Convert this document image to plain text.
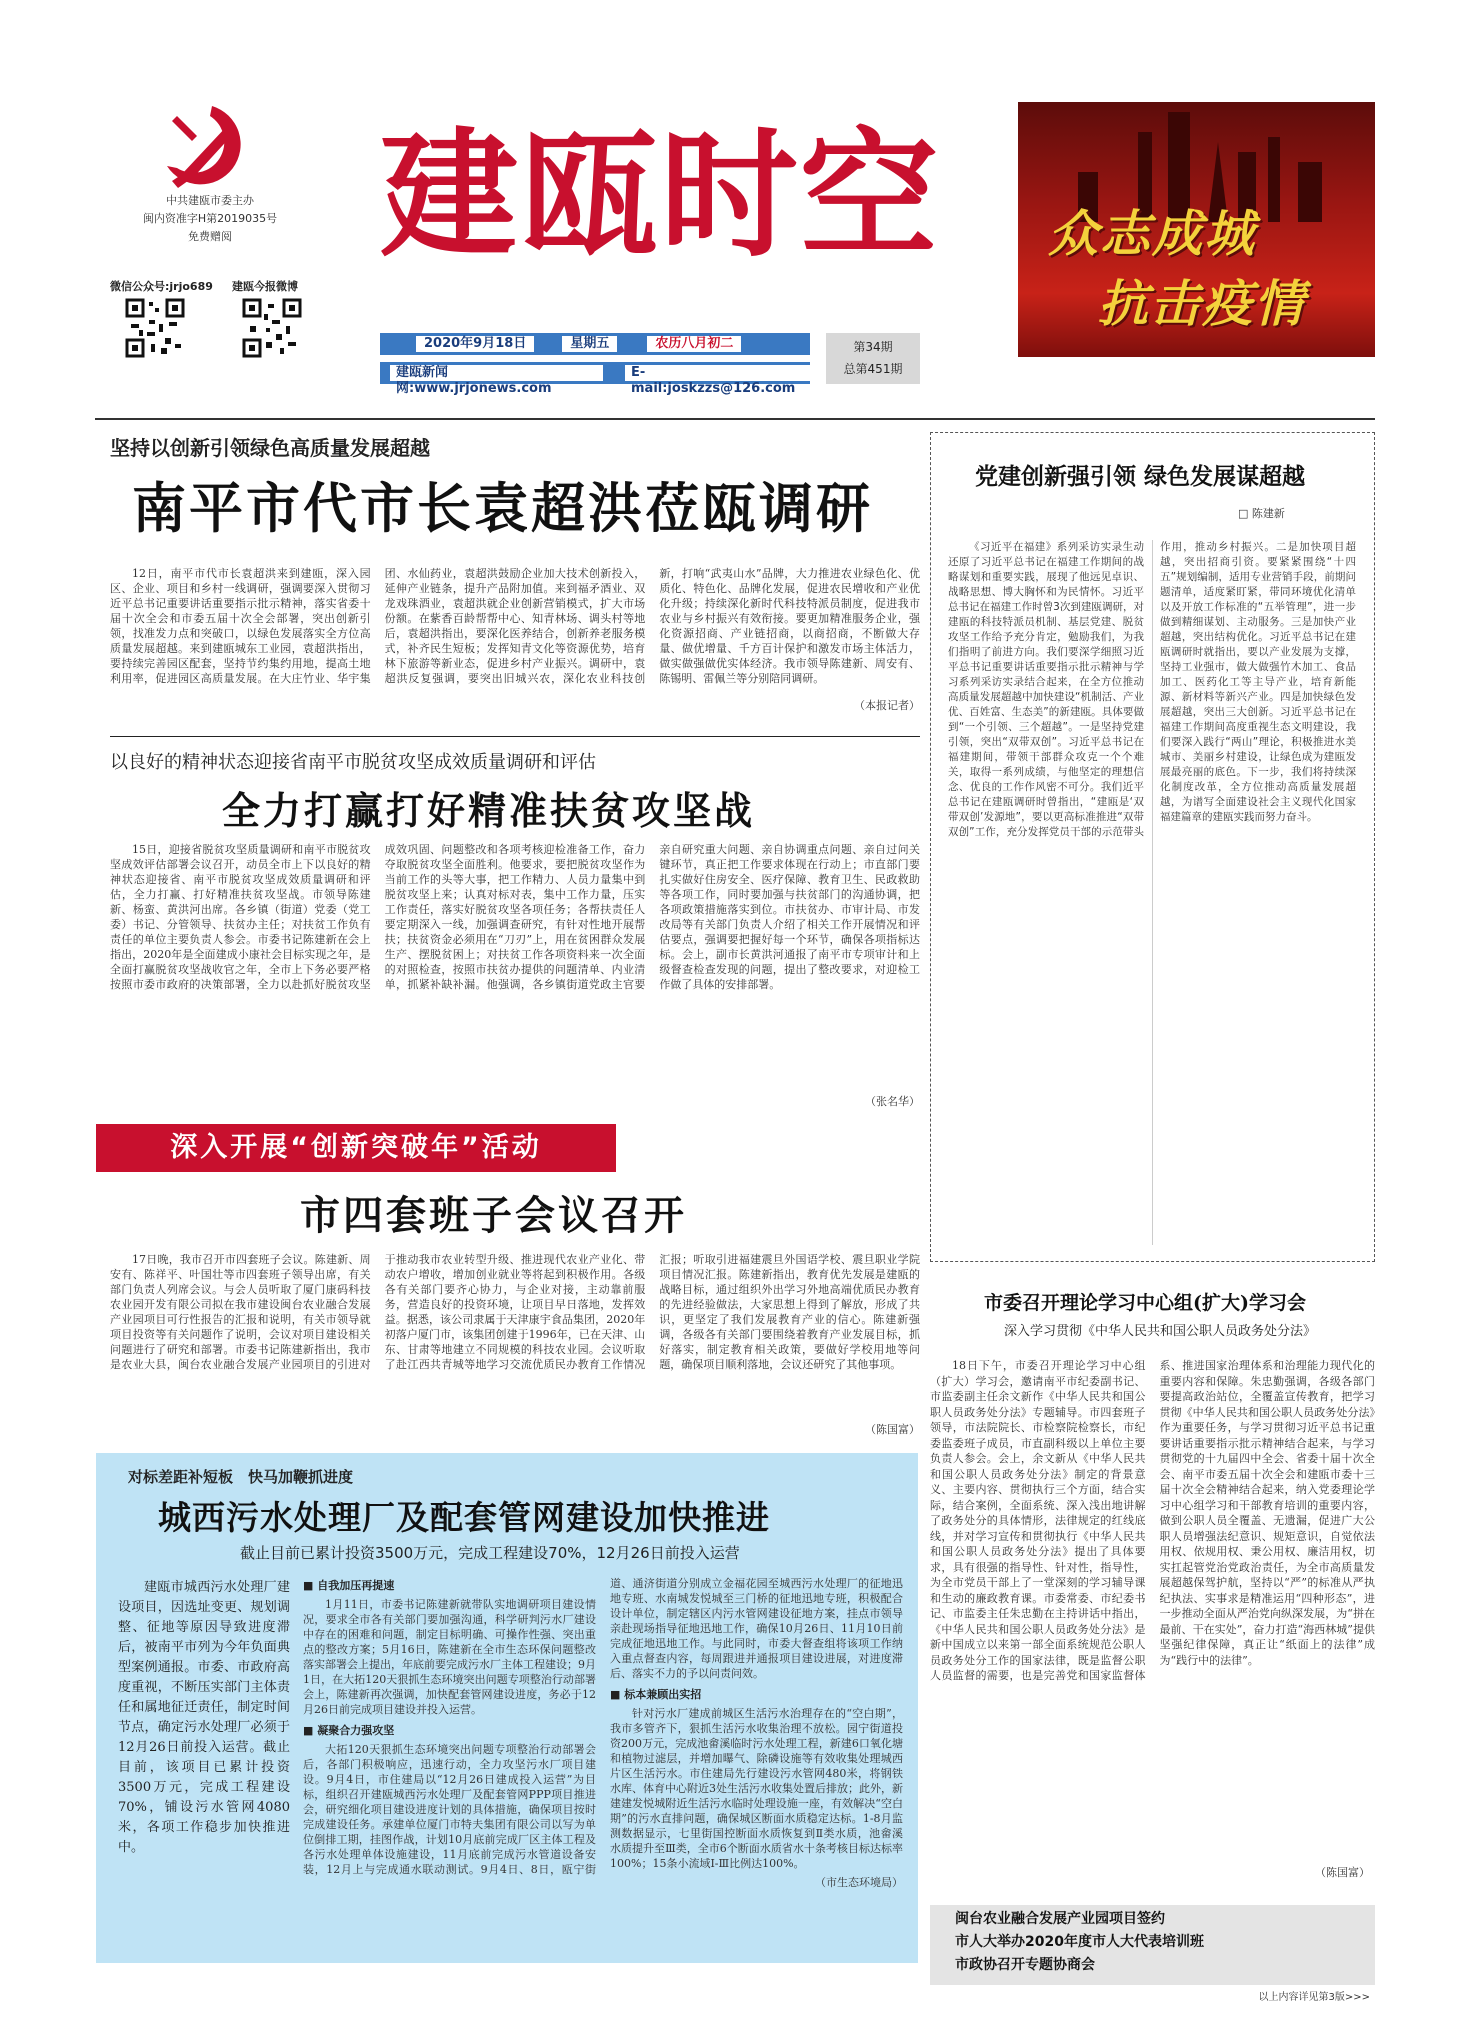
中共建瓯市委主办
闽内资准字H第2019035号
免费赠阅
微信公众号:jrjo689 建瓯今报微博
建瓯时空
2020年9月18日	星期五	农历八月初二
建瓯新闻网:www.jrjonews.com
E-mail:joskzzs@126.com
第34期
总第451期
众志成城
抗击疫情
坚持以创新引领绿色高质量发展超越
南平市代市长袁超洪莅瓯调研
12日，南平市代市长袁超洪来到建瓯，深入园区、企业、项目和乡村一线调研，强调要深入贯彻习近平总书记重要讲话重要指示批示精神，落实省委十届十次全会和市委五届十次全会部署，突出创新引领，找准发力点和突破口，以绿色发展落实全方位高质量发展超越。来到建瓯城东工业园，袁超洪指出，要持续完善园区配套，坚持节约集约用地，提高土地利用率，促进园区高质量发展。在大庄竹业、华宇集团、水仙药业，袁超洪鼓励企业加大技术创新投入，延伸产业链条，提升产品附加值。来到福矛酒业、双龙戏珠酒业，袁超洪就企业创新营销模式，扩大市场份额。在紫香百龄帮帮中心、知青林场、调头村等地后，袁超洪指出，要深化医养结合，创新养老服务模式，补齐民生短板；发挥知青文化等资源优势，培育林下旅游等新业态，促进乡村产业振兴。调研中，袁超洪反复强调，要突出旧城兴农，深化农业科技创新，打响“武夷山水”品牌，大力推进农业绿色化、优质化、特色化、品牌化发展，促进农民增收和产业优化升级；持续深化新时代科技特派员制度，促进我市农业与乡村振兴有效衔接。要更加精准服务企业，强化资源招商、产业链招商，以商招商，不断做大存量、做优增量、千方百计保护和激发市场主体活力，做实做强做优实体经济。我市领导陈建新、周安有、陈锡明、雷佩兰等分别陪同调研。
（本报记者）
以良好的精神状态迎接省南平市脱贫攻坚成效质量调研和评估
全力打赢打好精准扶贫攻坚战
15日，迎接省脱贫攻坚质量调研和南平市脱贫攻坚成效评估部署会议召开，动员全市上下以良好的精神状态迎接省、南平市脱贫攻坚成效质量调研和评估，全力打赢、打好精准扶贫攻坚战。市领导陈建新、杨蛮、黄洪河出席。各乡镇（街道）党委（党工委）书记、分管领导、扶贫办主任；对扶贫工作负有责任的单位主要负责人参会。市委书记陈建新在会上指出，2020年是全面建成小康社会目标实现之年，是全面打赢脱贫攻坚战收官之年，全市上下务必要严格按照市委市政府的决策部署，全力以赴抓好脱贫攻坚成效巩固、问题整改和各项考核迎检准备工作，奋力夺取脱贫攻坚全面胜利。他要求，要把脱贫攻坚作为当前工作的头等大事，把工作精力、人员力量集中到脱贫攻坚上来；认真对标对表，集中工作力量，压实工作责任，落实好脱贫攻坚各项任务；各帮扶责任人要定期深入一线，加强调查研究，有针对性地开展帮扶；扶贫资金必须用在“刀刃”上，用在贫困群众发展生产、摆脱贫困上；对扶贫工作各项资料来一次全面的对照检查，按照市扶贫办提供的问题清单、内业清单，抓紧补缺补漏。他强调，各乡镇街道党政主官要亲自研究重大问题、亲自协调重点问题、亲自过问关键环节，真正把工作要求体现在行动上；市直部门要扎实做好住房安全、医疗保障、教育卫生、民政救助等各项工作，同时要加强与扶贫部门的沟通协调，把各项政策措施落实到位。市扶贫办、市审计局、市发改局等有关部门负责人介绍了相关工作开展情况和评估要点，强调要把握好每一个环节，确保各项指标达标。会上，副市长黄洪河通报了南平市专项审计和上级督查检查发现的问题，提出了整改要求，对迎检工作做了具体的安排部署。
（张名华）
深入开展“创新突破年”活动
市四套班子会议召开
17日晚，我市召开市四套班子会议。陈建新、周安有、陈祥平、叶国壮等市四套班子领导出席，有关部门负责人列席会议。与会人员听取了厦门康码科技农业园开发有限公司拟在我市建设闽台农业融合发展产业园项目可行性报告的汇报和说明，有关市领导就项目投资等有关问题作了说明，会议对项目建设相关问题进行了研究和部署。市委书记陈建新指出，我市是农业大县，闽台农业融合发展产业园项目的引进对于推动我市农业转型升级、推进现代农业产业化、带动农户增收，增加创业就业等将起到积极作用。各级各有关部门要齐心协力，与企业对接，主动靠前服务，营造良好的投资环境，让项目早日落地，发挥效益。据悉，该公司隶属于天津康宇食品集团，2020年初落户厦门市，该集团创建于1996年，已在天津、山东、甘肃等地建立不同规模的科技农业园。会议听取了赴江西共青城等地学习交流优质民办教育工作情况汇报；听取引进福建震旦外国语学校、震旦职业学院项目情况汇报。陈建新指出，教育优先发展是建瓯的战略目标，通过组织外出学习外地高端优质民办教育的先进经验做法，大家思想上得到了解放，形成了共识，更坚定了我们发展教育产业的信心。陈建新强调，各级各有关部门要围绕着教育产业发展目标，抓好落实，制定教育相关政策，要做好学校用地等问题，确保项目顺利落地，会议还研究了其他事项。
（陈国富）
党建创新强引领 绿色发展谋超越
□ 陈建新
《习近平在福建》系列采访实录生动还原了习近平总书记在福建工作期间的战略谋划和重要实践，展现了他远见卓识、战略思想、博大胸怀和为民情怀。习近平总书记在福建工作时曾3次到建瓯调研，对建瓯的科技特派员机制、基层党建、脱贫攻坚工作给予充分肯定，勉励我们，为我们指明了前进方向。我们要深学细照习近平总书记重要讲话重要指示批示精神与学习系列采访实录结合起来，在全方位推动高质量发展超越中加快建设“机制活、产业优、百姓富、生态美”的新建瓯。具体要做到“一个引领、三个超越”。一是坚持党建引领，突出“双带双创”。习近平总书记在福建期间，带领干部群众攻克一个个难关，取得一系列成绩，与他坚定的理想信念、优良的工作作风密不可分。我们近平总书记在建瓯调研时曾指出，“建瓯是‘双带双创’发源地”，要以更高标准推进“双带双创”工作，充分发挥党员干部的示范带头作用，推动乡村振兴。二是加快项目超越，突出招商引资。要紧紧围绕“十四五”规划编制，适用专业营销手段，前期问题清单，适度紧盯紧，带同环境优化清单以及开放工作标准的“五举管理”，进一步做到精细谋划、主动服务。三是加快产业超越，突出结构优化。习近平总书记在建瓯调研时就指出，要以产业发展为支撑，坚持工业强市，做大做强竹木加工、食品加工、医药化工等主导产业，培育新能源、新材料等新兴产业。四是加快绿色发展超越，突出三大创新。习近平总书记在福建工作期间高度重视生态文明建设，我们要深入践行“两山”理论，积极推进水美城市、美丽乡村建设，让绿色成为建瓯发展最亮丽的底色。下一步，我们将持续深化制度改革，全方位推动高质量发展超越，为谱写全面建设社会主义现代化国家福建篇章的建瓯实践而努力奋斗。
市委召开理论学习中心组(扩大)学习会
深入学习贯彻《中华人民共和国公职人员政务处分法》
18日下午，市委召开理论学习中心组（扩大）学习会，邀请南平市纪委副书记、市监委副主任余文新作《中华人民共和国公职人员政务处分法》专题辅导。市四套班子领导，市法院院长、市检察院检察长，市纪委监委班子成员，市直副科级以上单位主要负责人参会。会上，余文新从《中华人民共和国公职人员政务处分法》制定的背景意义、主要内容、贯彻执行三个方面，结合实际，结合案例，全面系统、深入浅出地讲解了政务处分的具体情形，法律规定的红线底线，并对学习宣传和贯彻执行《中华人民共和国公职人员政务处分法》提出了具体要求，具有很强的指导性、针对性，指导性，为全市党员干部上了一堂深刻的学习辅导课和生动的廉政教育课。市委常委、市纪委书记、市监委主任朱忠勤在主持讲话中指出，《中华人民共和国公职人员政务处分法》是新中国成立以来第一部全面系统规范公职人员政务处分工作的国家法律，既是监督公职人员监督的需要，也是完善党和国家监督体系、推进国家治理体系和治理能力现代化的重要内容和保障。朱忠勤强调，各级各部门要提高政治站位，全覆盖宣传教育，把学习贯彻《中华人民共和国公职人员政务处分法》作为重要任务，与学习贯彻习近平总书记重要讲话重要指示批示精神结合起来，与学习贯彻党的十九届四中全会、省委十届十次全会、南平市委五届十次全会和建瓯市委十三届十次全会精神结合起来，纳入党委理论学习中心组学习和干部教育培训的重要内容，做到公职人员全覆盖、无遗漏，促进广大公职人员增强法纪意识、规矩意识，自觉依法用权、依规用权、秉公用权、廉洁用权，切实扛起管党治党政治责任，为全市高质量发展超越保驾护航，坚持以“严”的标准从严执纪执法、实事求是精准运用“四种形态”，进一步推动全面从严治党向纵深发展，为“拼在最前、干在实处”，奋力打造“海西林城”提供坚强纪律保障，真正让“纸面上的法律”成为“践行中的法律”。
（陈国富）
对标差距补短板　快马加鞭抓进度
城西污水处理厂及配套管网建设加快推进
截止目前已累计投资3500万元，完成工程建设70%，12月26日前投入运营
建瓯市城西污水处理厂建设项目，因选址变更、规划调整、征地等原因导致进度滞后，被南平市列为今年负面典型案例通报。市委、市政府高度重视，不断压实部门主体责任和属地征迁责任，制定时间节点，确定污水处理厂必须于12月26日前投入运营。截止目前，该项目已累计投资3500万元，完成工程建设70%，铺设污水管网4080米，各项工作稳步加快推进中。
■ 自我加压再提速
1月11日，市委书记陈建新就带队实地调研项目建设情况，要求全市各有关部门要加强沟通，科学研判污水厂建设中存在的困难和问题，制定目标明确、可操作性强、突出重点的整改方案；5月16日，陈建新在全市生态环保问题整改落实部署会上提出，年底前要完成污水厂主体工程建设；9月1日，在大拓120天狠抓生态环境突出问题专项整治行动部署会上，陈建新再次强调，加快配套管网建设进度，务必于12月26日前完成项目建设并投入运营。
■ 凝聚合力强攻坚
大拓120天狠抓生态环境突出问题专项整治行动部署会后，各部门积极响应，迅速行动，全力攻坚污水厂项目建设。9月4日，市住建局以“12月26日建成投入运营”为目标，组织召开建瓯城西污水处理厂及配套管网PPP项目推进会，研究细化项目建设进度计划的具体措施，确保项目按时完成建设任务。承建单位厦门市特夫集团有限公司以写为单位倒排工期，挂图作战，计划10月底前完成厂区主体工程及各污水处理单体设施建设，11月底前完成污水管道设备安装，12月上与完成通水联动测试。9月4日、8日，瓯宁街道、通济街道分别成立金福花园至城西污水处理厂的征地迅地专班、水南城发悦城至三门桥的征地迅地专班，积极配合设计单位，制定辖区内污水管网建设征地方案，挂点市领导亲赴现场指导征地迅地工作，确保10月26日、11月10日前完成征地迅地工作。与此同时，市委大督查组将该项工作纳入重点督查内容，每周跟进并通报项目建设进展，对进度滞后、落实不力的予以问责问效。
■ 标本兼顾出实招
针对污水厂建成前城区生活污水治理存在的“空白期”，我市多管齐下，狠抓生活污水收集治理不放松。园宁街道投资200万元，完成池畲溪临时污水处理工程，新建6口氧化塘和植物过滤层，并增加曝气、除磷设施等有效收集处理城西片区生活污水。市住建局先行建设污水管网480米，将钢铁水库、体育中心附近3处生活污水收集处置后排放；此外，新建建发悦城附近生活污水临时处理设施一座，有效解决“空白期”的污水直排问题，确保城区断面水质稳定达标。1-8月监测数据显示，七里街国控断面水质恢复到Ⅱ类水质，池畲溪水质提升至Ⅲ类，全市6个断面水质省水十条考核目标达标率100%；15条小流域Ⅰ-Ⅲ比例达100%。
（市生态环境局）
闽台农业融合发展产业园项目签约
市人大举办2020年度市人大代表培训班
市政协召开专题协商会
以上内容详见第3版>>>
